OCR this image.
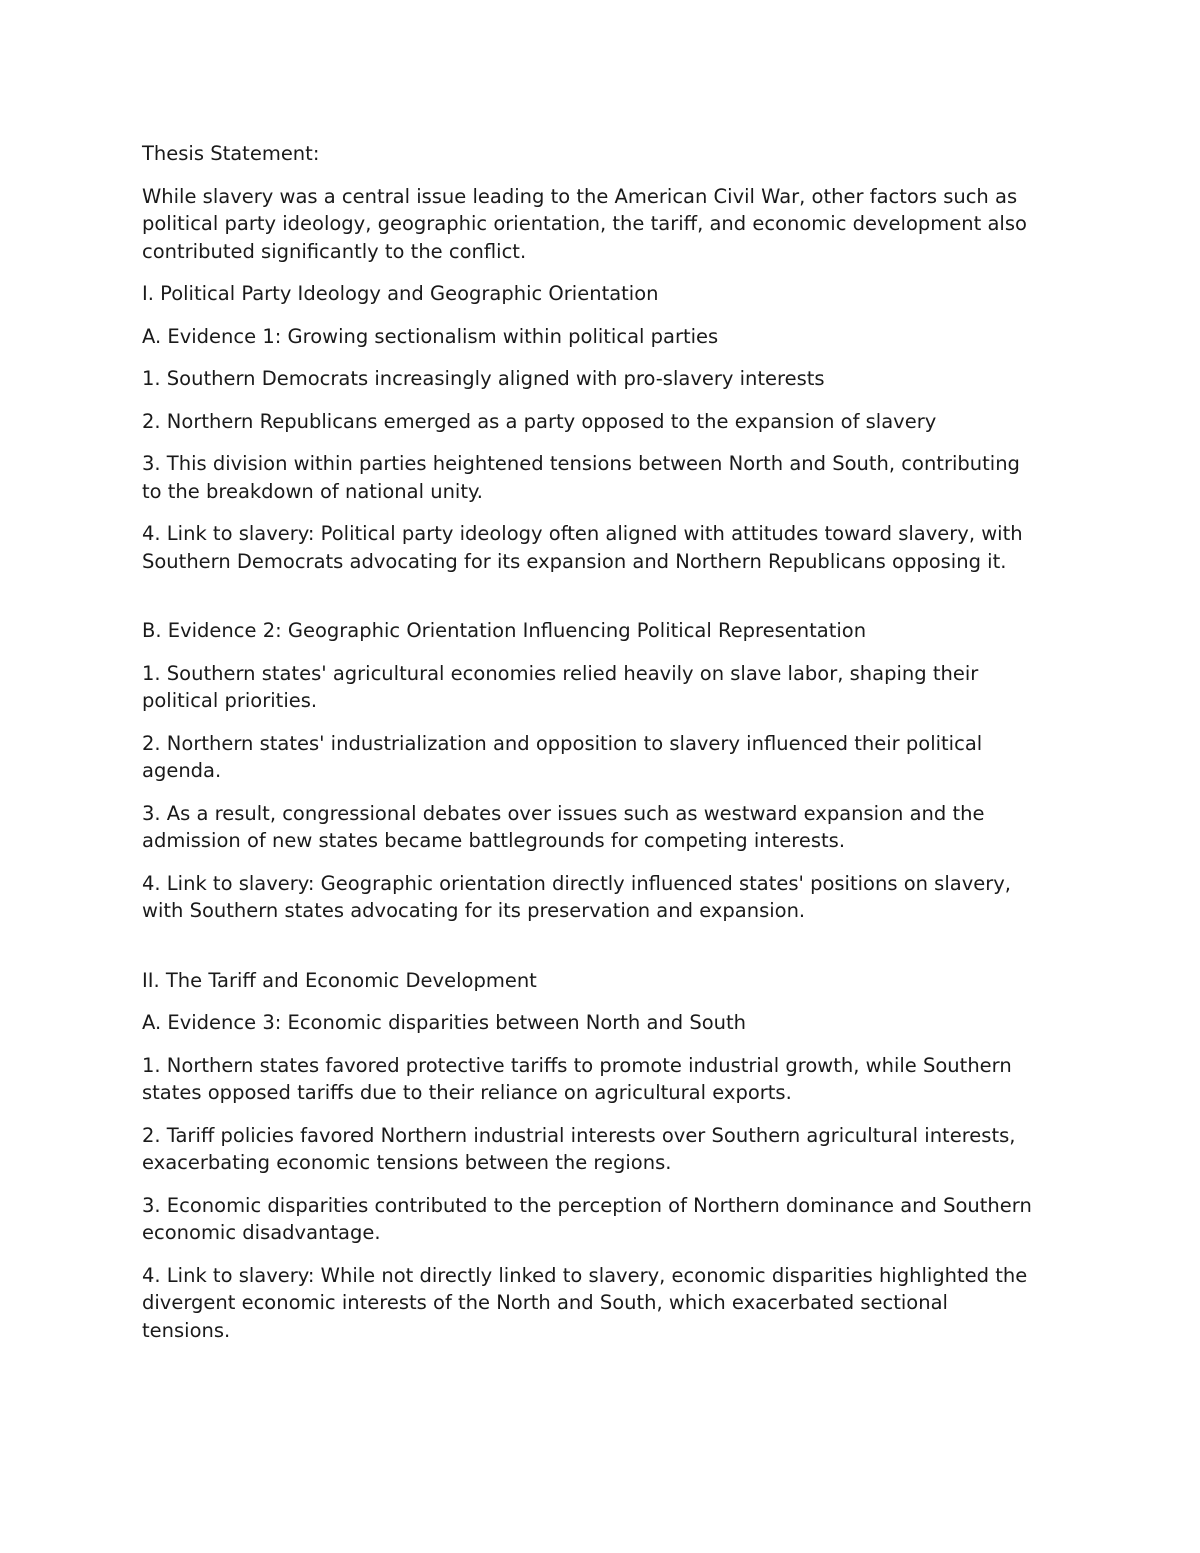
Thesis Statement:

While slavery was a central issue leading to the American Civil War, other factors such as political party ideology, geographic orientation, the tariff, and economic development also contributed significantly to the conflict.

I. Political Party Ideology and Geographic Orientation

A. Evidence 1: Growing sectionalism within political parties

1. Southern Democrats increasingly aligned with pro-slavery interests

2. Northern Republicans emerged as a party opposed to the expansion of slavery

3. This division within parties heightened tensions between North and South, contributing to the breakdown of national unity.

4. Link to slavery: Political party ideology often aligned with attitudes toward slavery, with Southern Democrats advocating for its expansion and Northern Republicans opposing it.

B. Evidence 2: Geographic Orientation Influencing Political Representation

1. Southern states' agricultural economies relied heavily on slave labor, shaping their political priorities.

2. Northern states' industrialization and opposition to slavery influenced their political agenda.

3. As a result, congressional debates over issues such as westward expansion and the admission of new states became battlegrounds for competing interests.

4. Link to slavery: Geographic orientation directly influenced states' positions on slavery, with Southern states advocating for its preservation and expansion.

II. The Tariff and Economic Development

A. Evidence 3: Economic disparities between North and South

1. Northern states favored protective tariffs to promote industrial growth, while Southern states opposed tariffs due to their reliance on agricultural exports.

2. Tariff policies favored Northern industrial interests over Southern agricultural interests, exacerbating economic tensions between the regions.

3. Economic disparities contributed to the perception of Northern dominance and Southern economic disadvantage.

4. Link to slavery: While not directly linked to slavery, economic disparities highlighted the divergent economic interests of the North and South, which exacerbated sectional tensions.
